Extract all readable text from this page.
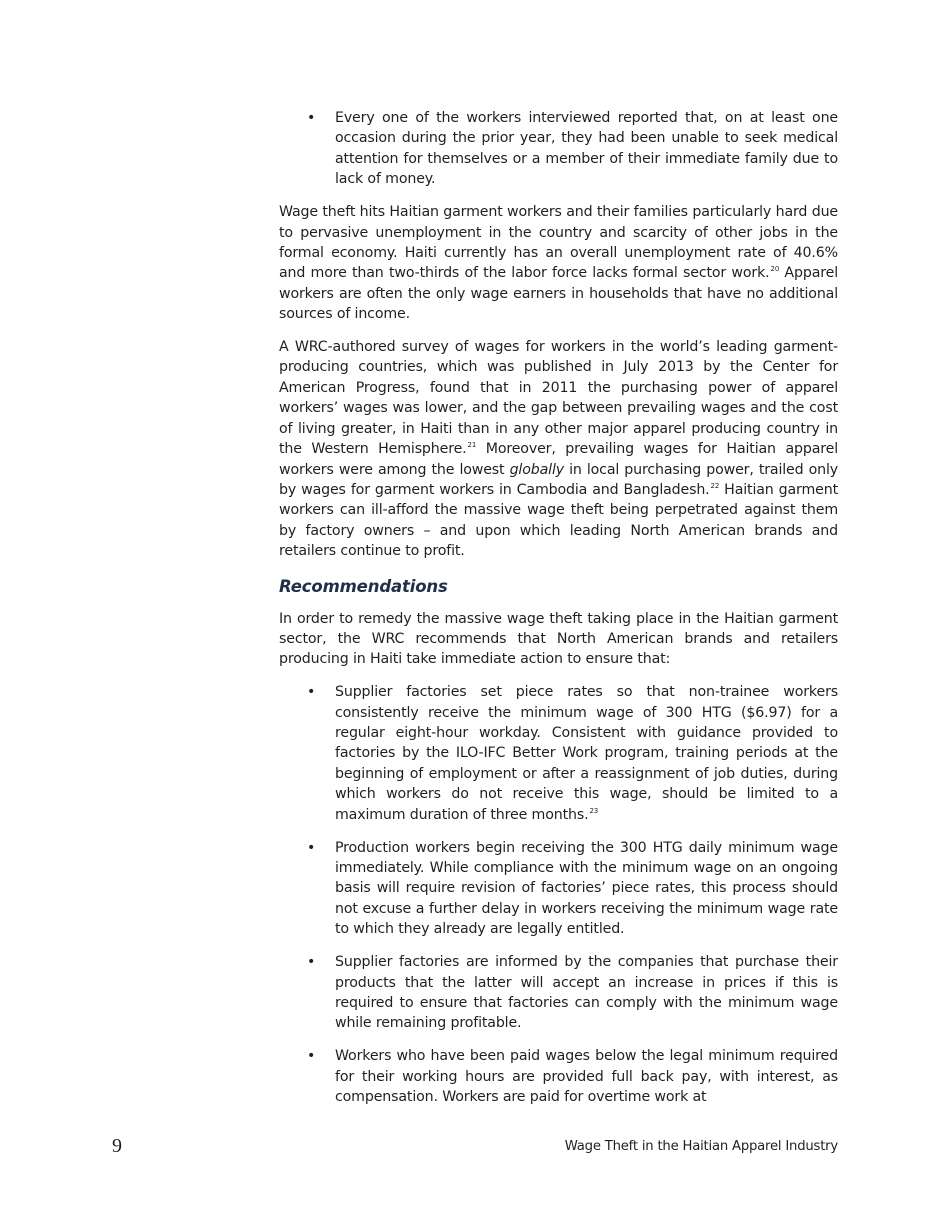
•	Every one of the workers interviewed reported that, on at least one occasion during the prior year, they had been unable to seek medical attention for themselves or a member of their immediate family due to lack of money.

Wage theft hits Haitian garment workers and their families particularly hard due to pervasive unemployment in the country and scarcity of other jobs in the formal economy. Haiti currently has an overall unemployment rate of 40.6% and more than two-thirds of the labor force lacks formal sector work.$^{20}$ Apparel workers are often the only wage earners in households that have no additional sources of income.

A WRC-authored survey of wages for workers in the world’s leading garment-producing countries, which was published in July 2013 by the Center for American Progress, found that in 2011 the purchasing power of apparel workers’ wages was lower, and the gap between prevailing wages and the cost of living greater, in Haiti than in any other major apparel producing country in the Western Hemisphere.$^{21}$ Moreover, prevailing wages for Haitian apparel workers were among the lowest globally in local purchasing power, trailed only by wages for garment workers in Cambodia and Bangladesh.$^{22}$ Haitian garment workers can ill-afford the massive wage theft being perpetrated against them by factory owners – and upon which leading North American brands and retailers continue to profit.

Recommendations

In order to remedy the massive wage theft taking place in the Haitian garment sector, the WRC recommends that North American brands and retailers producing in Haiti take immediate action to ensure that:

•	Supplier factories set piece rates so that non-trainee workers consistently receive the minimum wage of 300 HTG ($6.97) for a regular eight-hour workday. Consistent with guidance provided to factories by the ILO-IFC Better Work program, training periods at the beginning of employment or after a reassignment of job duties, during which workers do not receive this wage, should be limited to a maximum duration of three months.$^{23}$
•	Production workers begin receiving the 300 HTG daily minimum wage immediately. While compliance with the minimum wage on an ongoing basis will require revision of factories’ piece rates, this process should not excuse a further delay in workers receiving the minimum wage rate to which they already are legally entitled.
•	Supplier factories are informed by the companies that purchase their products that the latter will accept an increase in prices if this is required to ensure that factories can comply with the minimum wage while remaining profitable.
•	Workers who have been paid wages below the legal minimum required for their working hours are provided full back pay, with interest, as compensation. Workers are paid for overtime work at
9	Wage Theft in the Haitian Apparel Industry
